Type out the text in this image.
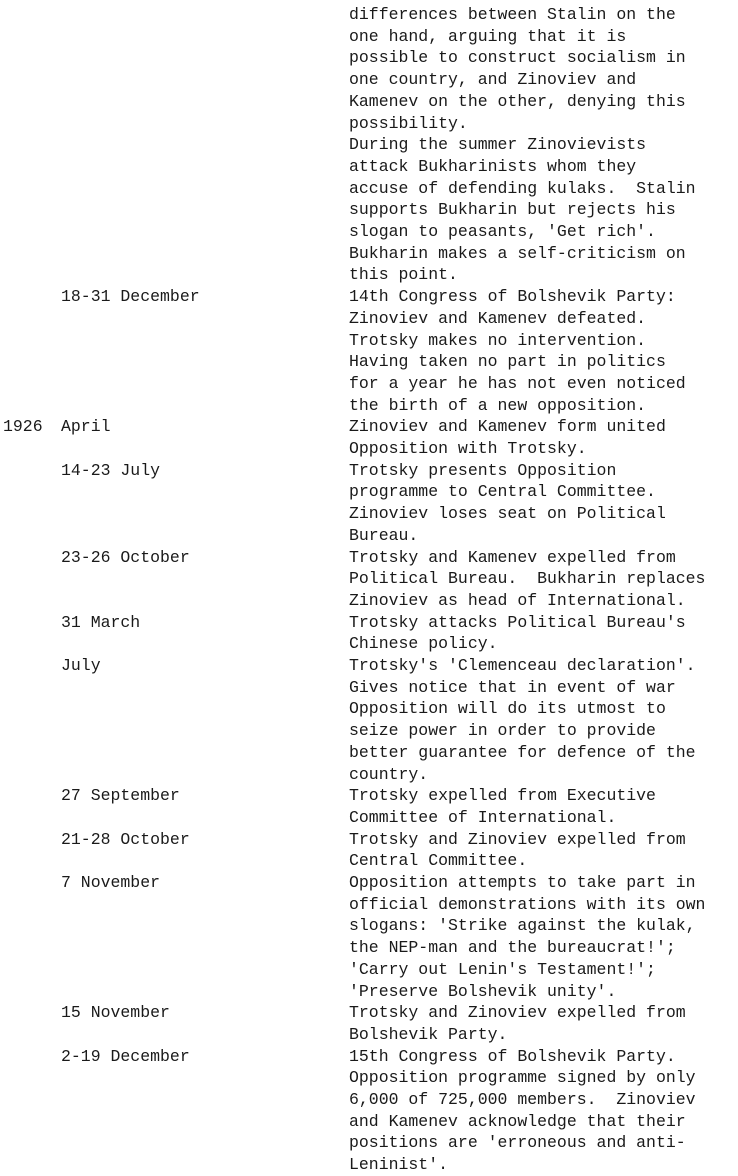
differences between Stalin on the
one hand, arguing that it is
possible to construct socialism in
one country, and Zinoviev and
Kamenev on the other, denying this
possibility.
During the summer Zinovievists
attack Bukharinists whom they
accuse of defending kulaks.  Stalin
supports Bukharin but rejects his
slogan to peasants, 'Get rich'.
Bukharin makes a self-criticism on
this point.
18-31 December	14th Congress of Bolshevik Party:
Zinoviev and Kamenev defeated.
Trotsky makes no intervention.
Having taken no part in politics
for a year he has not even noticed
the birth of a new opposition.
1926 April	Zinoviev and Kamenev form united
Opposition with Trotsky.
14-23 July	Trotsky presents Opposition
programme to Central Committee.
Zinoviev loses seat on Political
Bureau.
23-26 October	Trotsky and Kamenev expelled from
Political Bureau.  Bukharin replaces
Zinoviev as head of International.
31 March	Trotsky attacks Political Bureau's
Chinese policy.
July	Trotsky's 'Clemenceau declaration'.
Gives notice that in event of war
Opposition will do its utmost to
seize power in order to provide
better guarantee for defence of the
country.
27 September	Trotsky expelled from Executive
Committee of International.
21-28 October	Trotsky and Zinoviev expelled from
Central Committee.
7 November	Opposition attempts to take part in
official demonstrations with its own
slogans: 'Strike against the kulak,
the NEP-man and the bureaucrat!';
'Carry out Lenin's Testament!';
'Preserve Bolshevik unity'.
15 November	Trotsky and Zinoviev expelled from
Bolshevik Party.
2-19 December	15th Congress of Bolshevik Party.
Opposition programme signed by only
6,000 of 725,000 members.  Zinoviev
and Kamenev acknowledge that their
positions are 'erroneous and anti-
Leninist'.
